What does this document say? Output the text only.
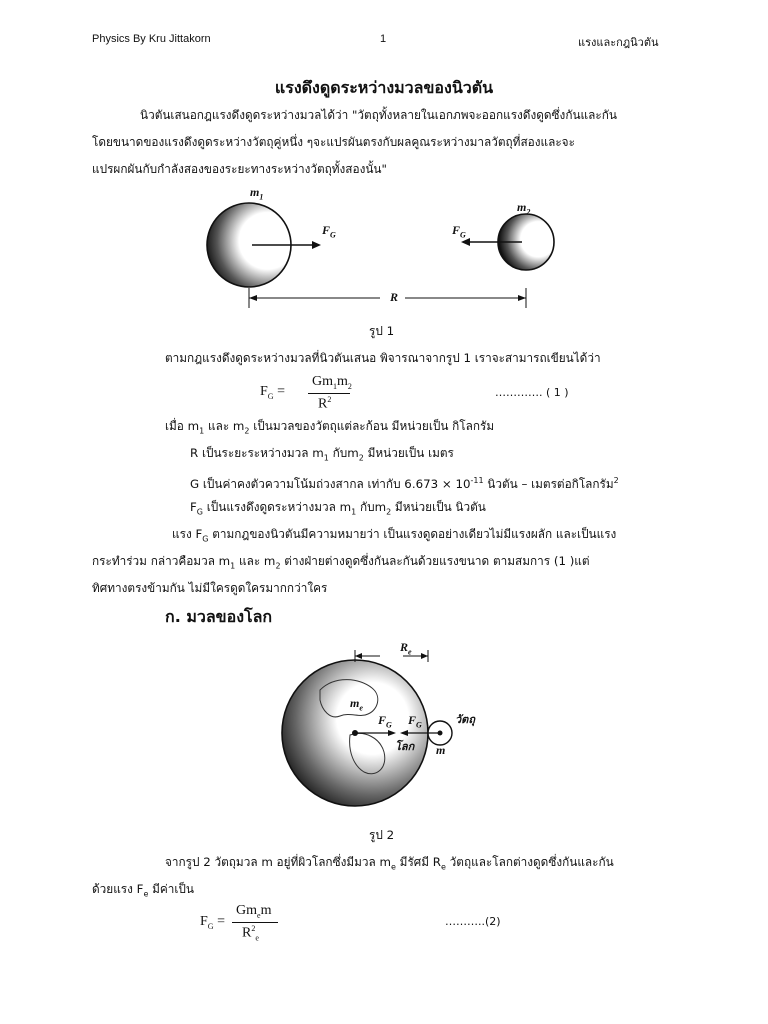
Physics By Kru Jittakorn	1	แรงและกฎนิวตัน
แรงดึงดูดระหว่างมวลของนิวตัน
นิวตันเสนอกฎแรงดึงดูดระหว่างมวลได้ว่า "วัตถุทั้งหลายในเอกภพจะออกแรงดึงดูดซึ่งกันและกัน
โดยขนาดของแรงดึงดูดระหว่างวัตถุคู่หนึ่ง ๆจะแปรผันตรงกับผลคูณระหว่างมาลวัตถุที่สองและจะ
แปรผกผันกับกำลังสองของระยะทางระหว่างวัตถุทั้งสองนั้น"
$m_1$
$m_2$
$F_G$	$F_G$
R
รูป 1
ตามกฎแรงดึงดูดระหว่างมวลที่นิวตันเสนอ พิจารณาจากรูป 1 เราจะสามารถเขียนได้ว่า
$F_G$ =
$Gm_1m_2$
$R^2$
…………. ( 1 )
เมื่อ $m_1$ และ $m_2$ เป็นมวลของวัตถุแต่ละก้อน มีหน่วยเป็น กิโลกรัม
R เป็นระยะระหว่างมวล $m_1$ กับ$m_2$ มีหน่วยเป็น เมตร
G เป็นค่าคงตัวความโน้มถ่วงสากล เท่ากับ $6.673 \times 10^{-11}$ นิวตัน – เมตรต่อกิโลกรัม$^2$
$F_G$ เป็นแรงดึงดูดระหว่างมวล $m_1$ กับ$m_2$ มีหน่วยเป็น นิวตัน
แรง $F_G$ ตามกฎของนิวตันมีความหมายว่า เป็นแรงดูดอย่างเดียวไม่มีแรงผลัก และเป็นแรง
กระทำร่วม กล่าวคือมวล $m_1$ และ $m_2$ ต่างฝ่ายต่างดูดซึ่งกันละกันด้วยแรงขนาด ตามสมการ (1 )แต่
ทิศทางตรงข้ามกัน ไม่มีใครดูดใครมากกว่าใคร
ก. มวลของโลก
$R_e$
$m_e$
$F_G$ $F_G$
โลก
วัตถุ
m
รูป 2
จากรูป 2 วัตถุมวล m อยู่ที่ผิวโลกซึ่งมีมวล $m_e$ มีรัศมี $R_e$ วัตถุและโลกต่างดูดซึ่งกันและกัน
ด้วยแรง $F_e$ มีค่าเป็น
$F_G$ =
$Gm_em$
$R^2_e$
………..(2)
